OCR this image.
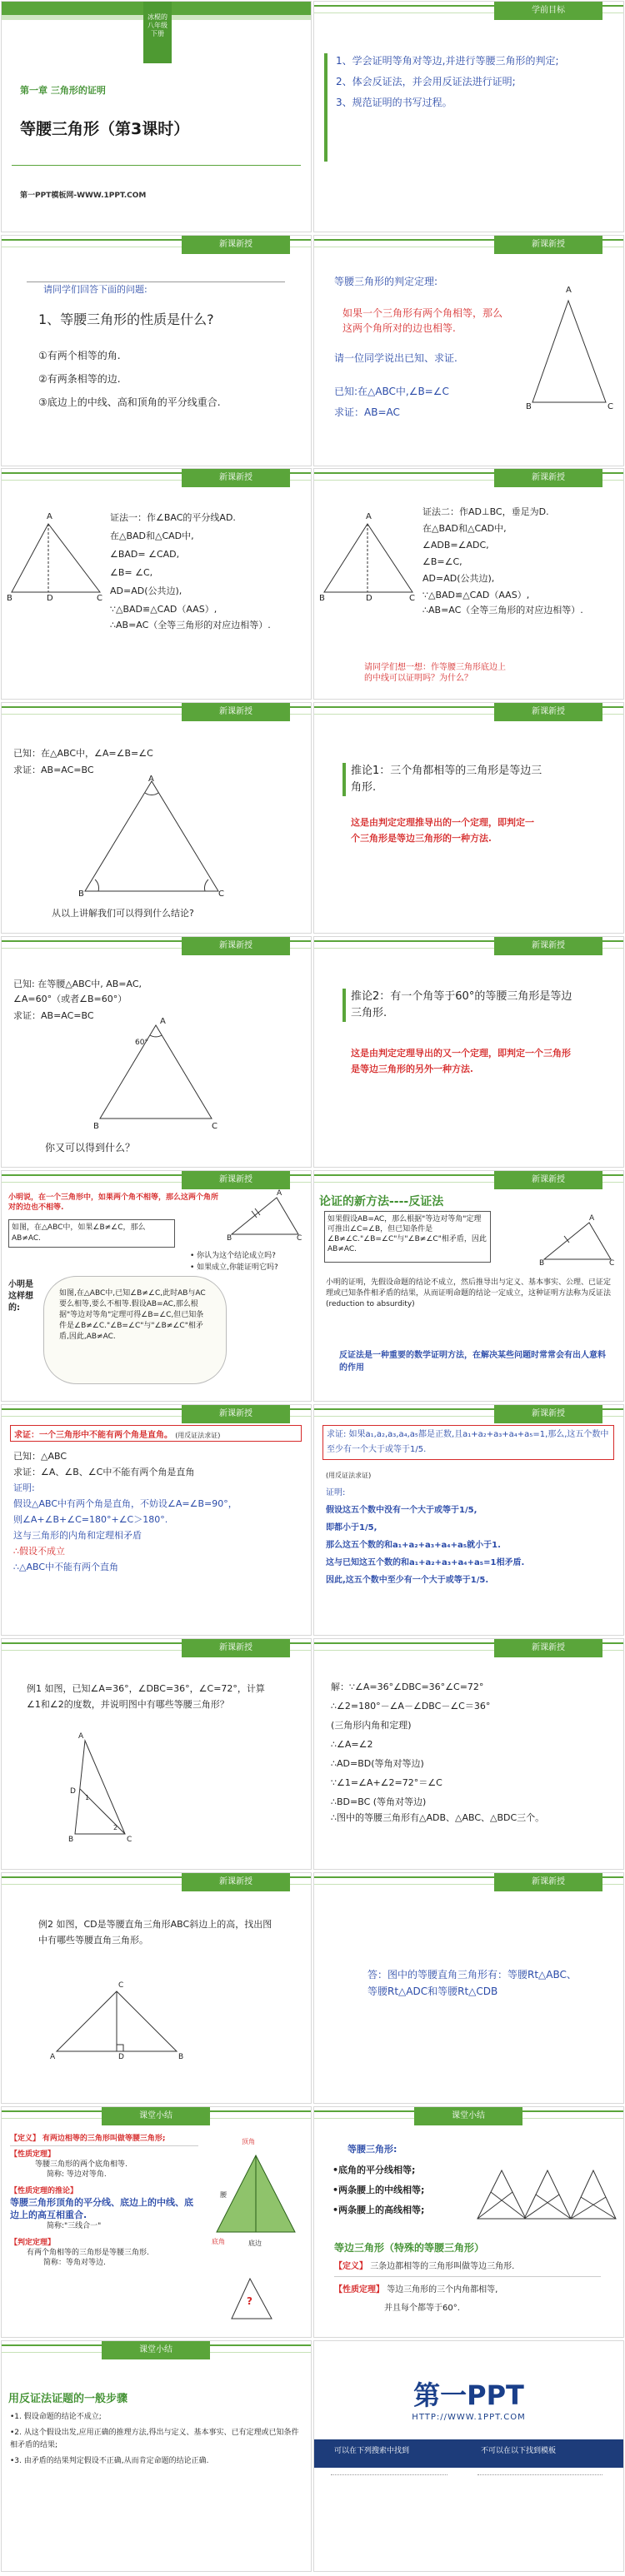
冰棍的 八年级 下册
第一章 三角形的证明
等腰三角形（第3课时）
第一PPT模板网-WWW.1PPT.COM
学前目标
1、学会证明等角对等边,并进行等腰三角形的判定;
2、体会反证法，并会用反证法进行证明;
3、规范证明的书写过程。
新课新授
请同学们回答下面的问题:
1、等腰三角形的性质是什么?
①有两个相等的角.
②有两条相等的边.
③底边上的中线、高和顶角的平分线重合.
新课新授
等腰三角形的判定定理:
如果一个三角形有两个角相等，那么这两个角所对的边也相等.
请一位同学说出已知、求证.
已知:在△ABC中,∠B=∠C
求证：AB=AC
A
B	C
新课新授
A
B	D	C
证法一：作∠BAC的平分线AD.
在△BAD和△CAD中,
∠BAD= ∠CAD,
∠B= ∠C,
AD=AD(公共边),
∵△BAD≌△CAD（AAS）,
∴AB=AC（全等三角形的对应边相等）.
新课新授
A
B	D	C
证法二：作AD⊥BC，垂足为D.
在△BAD和△CAD中,
∠ADB=∠ADC,
∠B=∠C,
AD=AD(公共边),
∵△BAD≌△CAD（AAS）,
∴AB=AC（全等三角形的对应边相等）.
请同学们想一想：作等腰三角形底边上的中线可以证明吗？为什么？
新课新授
已知：在△ABC中，∠A=∠B=∠C
求证：AB=AC=BC
A
B	C
从以上讲解我们可以得到什么结论?
新课新授
推论1：三个角都相等的三角形是等边三角形.
这是由判定定理推导出的一个定理，即判定一个三角形是等边三角形的一种方法.
新课新授
已知: 在等腰△ABC中, AB=AC,
∠A=60°（或者∠B=60°）
求证：AB=AC=BC
60°
A
B	C
你又可以得到什么？
新课新授
推论2：有一个角等于60°的等腰三角形是等边三角形.
这是由判定定理导出的又一个定理，即判定一个三角形是等边三角形的另外一种方法.
新课新授
小明说，在一个三角形中，如果两个角不相等，那么这两个角所对的边也不相等.
如图，在△ABC中，如果∠B≠∠C，那么AB≠AC.
A
B	C
• 你认为这个结论成立吗?
• 如果成立,你能证明它吗?
小明是这样想的:
如图,在△ABC中,已知∠B≠∠C,此时AB与AC要么相等,要么不相等.假设AB=AC,那么根据"等边对等角"定理可得∠B=∠C,但已知条件是∠B≠∠C."∠B=∠C"与"∠B≠∠C"相矛盾,因此,AB≠AC.
新课新授
论证的新方法----反证法
如果假设AB=AC，那么根据"等边对等角"定理可推出∠C=∠B，但已知条件是∠B≠∠C."∠B=∠C"与"∠B≠∠C"相矛盾，因此AB≠AC.
A
B	C
小明的证明，先假设命题的结论不成立，然后推导出与定义、基本事实、公理、已证定理或已知条件相矛盾的结果，从而证明命题的结论一定成立，这种证明方法称为反证法(reduction to absurdity)
反证法是一种重要的数学证明方法，在解决某些问题时常常会有出人意料的作用
新课新授
求证：一个三角形中不能有两个角是直角。 (用反证法求证)
已知：△ABC
求证：∠A、∠B、∠C中不能有两个角是直角
证明:
假设△ABC中有两个角是直角，不妨设∠A=∠B=90°，
则∠A+∠B+∠C=180°+∠C＞180°.
这与三角形的内角和定理相矛盾
∴假设不成立
∴△ABC中不能有两个直角
新课新授
求证: 如果a₁,a₂,a₃,a₄,a₅都是正数,且a₁+a₂+a₃+a₄+a₅=1,那么,这五个数中至少有一个大于或等于1/5.
(用反证法求证)
证明:
假设这五个数中没有一个大于或等于1/5,
即都小于1/5,
那么这五个数的和a₁+a₂+a₃+a₄+a₅就小于1.
这与已知这五个数的和a₁+a₂+a₃+a₄+a₅=1相矛盾.
因此,这五个数中至少有一个大于或等于1/5.
新课新授
例1 如图，已知∠A=36°，∠DBC=36°，∠C=72°，计算∠1和∠2的度数，并说明图中有哪些等腰三角形？
A
D
B	C
1
2
新课新授
解：∵∠A=36°∠DBC=36°∠C=72°
∴∠2=180°－∠A－∠DBC－∠C＝36°
(三角形内角和定理)
∴∠A=∠2
∴AD=BD(等角对等边)
∵∠1=∠A+∠2=72°＝∠C
∴BD=BC (等角对等边)
∴图中的等腰三角形有△ADB、△ABC、△BDC三个。
新课新授
例2 如图，CD是等腰直角三角形ABC斜边上的高，找出图中有哪些等腰直角三角形。
C
A	D	B
新课新授
答：图中的等腰直角三角形有：等腰Rt△ABC、等腰Rt△ADC和等腰Rt△CDB
课堂小结
【定义】 有两边相等的三角形叫做等腰三角形;
【性质定理】
等腰三角形的两个底角相等.
简称: 等边对等角.
【性质定理的推论】
等腰三角形顶角的平分线、底边上的中线、底边上的高互相重合.
简称:"三线合一"
【判定定理】
有两个角相等的三角形是等腰三角形.
简称：等角对等边.
顶角
腰
底角	底边
?
课堂小结
等腰三角形:
•底角的平分线相等;
•两条腰上的中线相等;
•两条腰上的高线相等;
等边三角形（特殊的等腰三角形）
【定义】 三条边都相等的三角形叫做等边三角形.
【性质定理】 等边三角形的三个内角都相等,
并且每个都等于60°.
课堂小结
用反证法证题的一般步骤
•1. 假设命题的结论不成立;
•2. 从这个假设出发,应用正确的推理方法,得出与定义、基本事实、已有定理或已知条件相矛盾的结果;
•3. 由矛盾的结果判定假设不正确,从而肯定命题的结论正确.
第一PPT
HTTP://WWW.1PPT.COM
可以在下列搜索中找到	不可以在以下找到模板
